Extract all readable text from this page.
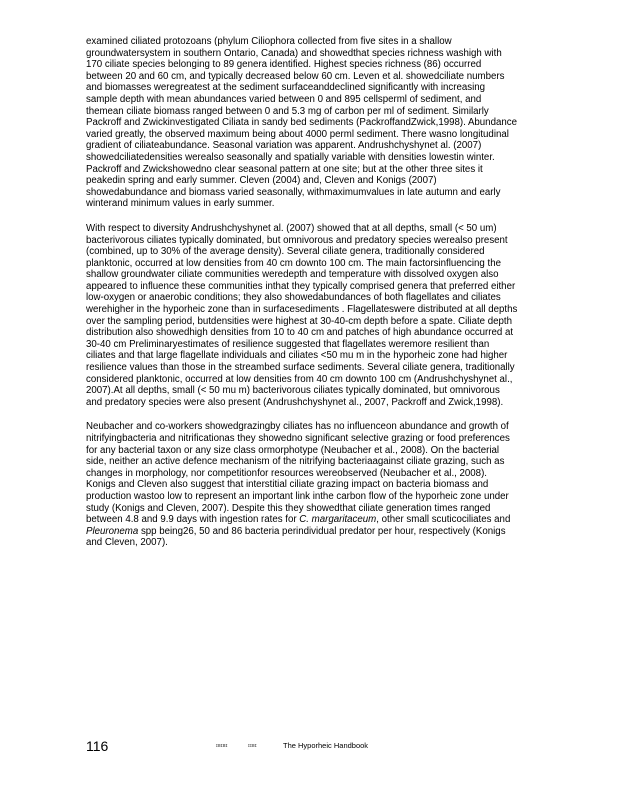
examined ciliated protozoans (phylum Ciliophora collected from five sites in a shallow groundwatersystem in southern Ontario, Canada) and showedthat species richness washigh with 170 ciliate species belonging to 89 genera identified. Highest species richness (86) occurred between 20 and 60 cm, and typically decreased below 60 cm. Leven et al. showedciliate numbers and biomasses weregreatest at the sediment surfaceanddeclined significantly with increasing sample depth with mean abundances varied between 0 and 895 cellsperml of sediment, and themean ciliate biomass ranged between 0 and 5.3 mg of carbon per ml of sediment. Similarly Packroff and Zwickinvestigated Ciliata in sandy bed sediments (PackroffandZwick,1998). Abundance varied greatly, the observed maximum being about 4000 perml sediment. There wasno longitudinal gradient of ciliateabundance. Seasonal variation was apparent. Andrushchyshynet al. (2007) showedciliatedensities werealso seasonally and spatially variable with densities lowestin winter. Packroff and Zwickshowedno clear seasonal pattern at one site; but at the other three sites it peakedin spring and early summer. Cleven (2004) and, Cleven and Konigs (2007) showedabundance and biomass varied seasonally, withmaximumvalues in late autumn and early winterand minimum values in early summer.

With respect to diversity Andrushchyshynet al. (2007) showed that at all depths, small (< 50 um) bacterivorous ciliates typically dominated, but omnivorous and predatory species werealso present (combined, up to 30% of the average density). Several ciliate genera, traditionally considered planktonic, occurred at low densities from 40 cm downto 100 cm. The main factorsinfluencing the shallow groundwater ciliate communities weredepth and temperature with dissolved oxygen also appeared to influence these communities inthat they typically comprised genera that preferred either low-oxygen or anaerobic conditions; they also showedabundances of both flagellates and ciliates werehigher in the hyporheic zone than in surfacesediments . Flagellateswere distributed at all depths over the sampling period, butdensities were highest at 30-40-cm depth before a spate. Ciliate depth distribution also showedhigh densities from 10 to 40 cm and patches of high abundance occurred at 30-40 cm Preliminaryestimates of resilience suggested that flagellates weremore resilient than ciliates and that large flagellate individuals and ciliates <50 mu m in the hyporheic zone had higher resilience values than those in the streambed surface sediments. Several ciliate genera, traditionally considered planktonic, occurred at low densities from 40 cm downto 100 cm (Andrushchyshynet al., 2007).At all depths, small (< 50 mu m) bacterivorous ciliates typically dominated, but omnivorous and predatory species were also present (Andrushchyshynet al., 2007, Packroff and Zwick,1998).

Neubacher and co-workers showedgrazingby ciliates has no influenceon abundance and growth of nitrifyingbacteria and nitrificationas they showedno significant selective grazing or food preferences for any bacterial taxon or any size class ormorphotype (Neubacher et al., 2008). On the bacterial side, neither an active defence mechanism of the nitrifying bacteriaagainst ciliate grazing, such as changes in morphology, nor competitionfor resources wereobserved (Neubacher et al., 2008). Konigs and Cleven also suggest that interstitial ciliate grazing impact on bacteria biomass and production wastoo low to represent an important link inthe carbon flow of the hyporheic zone under study (Konigs and Cleven, 2007). Despite this they showedthat ciliate generation times ranged between 4.8 and 9.9 days with ingestion rates for C. margaritaceum, other small scuticociliates and Pleuronema spp being26, 50 and 86 bacteria perindividual predator per hour, respectively (Konigs and Cleven, 2007).

116	ɪʙɪʙɪ	ɪɪʙɪ	The Hyporheic Handbook
